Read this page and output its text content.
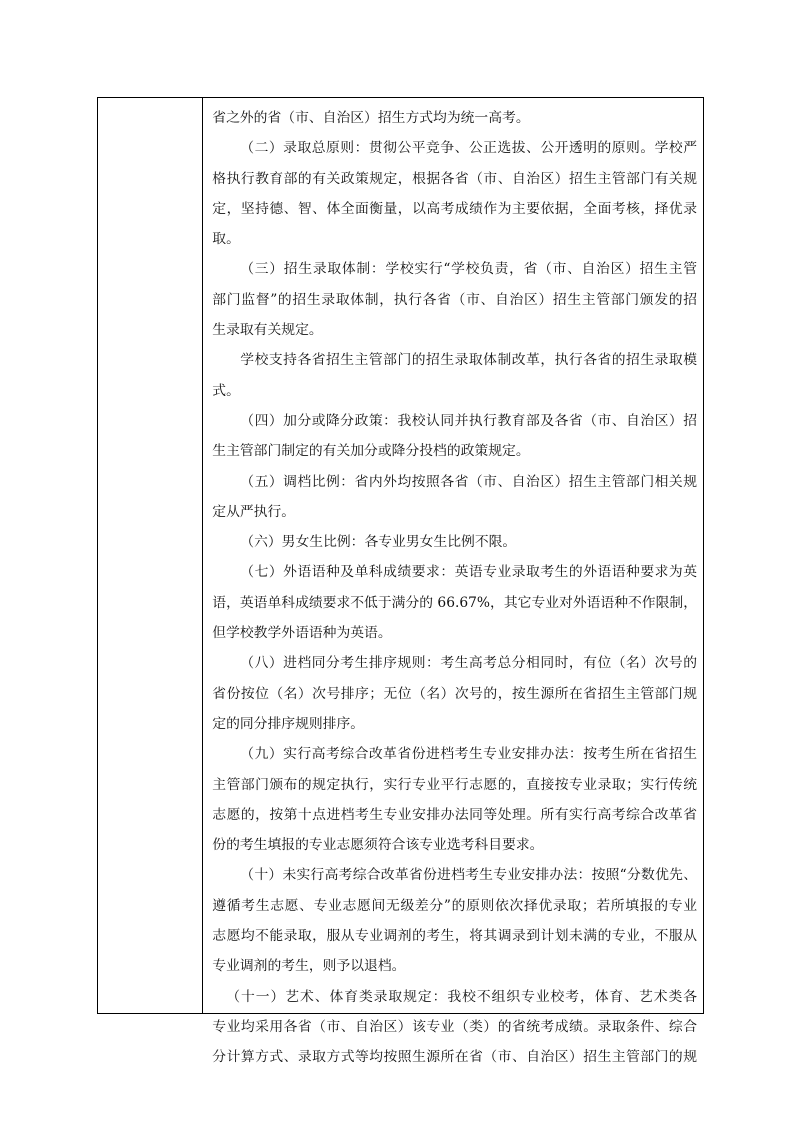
省之外的省（市、自治区）招生方式均为统一高考。
（二）录取总原则：贯彻公平竞争、公正选拔、公开透明的原则。学校严
格执行教育部的有关政策规定，根据各省（市、自治区）招生主管部门有关规
定，坚持德、智、体全面衡量，以高考成绩作为主要依据，全面考核，择优录
取。
（三）招生录取体制：学校实行“学校负责，省（市、自治区）招生主管
部门监督”的招生录取体制，执行各省（市、自治区）招生主管部门颁发的招
生录取有关规定。
学校支持各省招生主管部门的招生录取体制改革，执行各省的招生录取模
式。
（四）加分或降分政策：我校认同并执行教育部及各省（市、自治区）招
生主管部门制定的有关加分或降分投档的政策规定。
（五）调档比例：省内外均按照各省（市、自治区）招生主管部门相关规
定从严执行。
（六）男女生比例：各专业男女生比例不限。
（七）外语语种及单科成绩要求：英语专业录取考生的外语语种要求为英
语，英语单科成绩要求不低于满分的 66.67%，其它专业对外语语种不作限制，
但学校教学外语语种为英语。
（八）进档同分考生排序规则：考生高考总分相同时，有位（名）次号的
省份按位（名）次号排序；无位（名）次号的，按生源所在省招生主管部门规
定的同分排序规则排序。
（九）实行高考综合改革省份进档考生专业安排办法：按考生所在省招生
主管部门颁布的规定执行，实行专业平行志愿的，直接按专业录取；实行传统
志愿的，按第十点进档考生专业安排办法同等处理。所有实行高考综合改革省
份的考生填报的专业志愿须符合该专业选考科目要求。
（十）未实行高考综合改革省份进档考生专业安排办法：按照“分数优先、
遵循考生志愿、专业志愿间无级差分”的原则依次择优录取；若所填报的专业
志愿均不能录取，服从专业调剂的考生，将其调录到计划未满的专业，不服从
专业调剂的考生，则予以退档。
（十一）艺术、体育类录取规定：我校不组织专业校考，体育、艺术类各
专业均采用各省（市、自治区）该专业（类）的省统考成绩。录取条件、综合
分计算方式、录取方式等均按照生源所在省（市、自治区）招生主管部门的规
